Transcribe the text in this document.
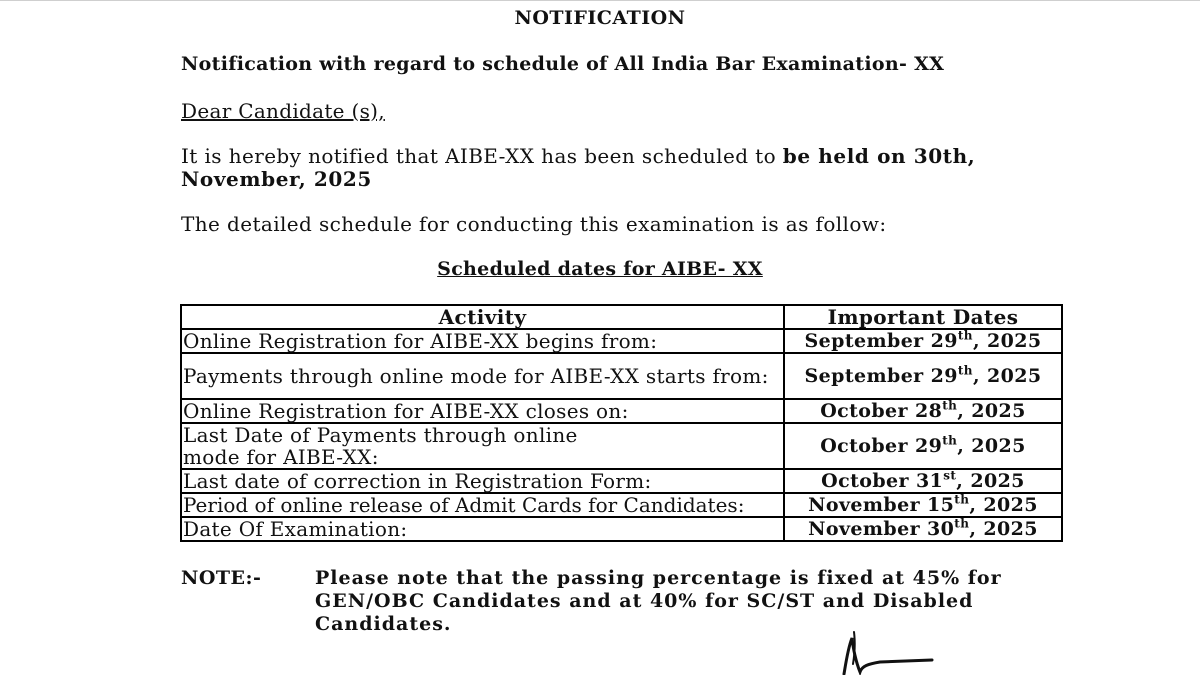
NOTIFICATION
Notification with regard to schedule of All India Bar Examination- XX
Dear Candidate (s),
It is hereby notified that AIBE-XX has been scheduled to be held on 30th, November, 2025
The detailed schedule for conducting this examination is as follow:
Scheduled dates for AIBE- XX
Activity	Important Dates
Online Registration for AIBE-XX begins from:	September 29th, 2025
Payments through online mode for AIBE-XX starts from:	September 29th, 2025
Online Registration for AIBE-XX closes on:	October 28th, 2025
Last Date of Payments through online mode for AIBE-XX:	October 29th, 2025
Last date of correction in Registration Form:	October 31st, 2025
Period of online release of Admit Cards for Candidates:	November 15th, 2025
Date Of Examination:	November 30th, 2025
NOTE:-	Please note that the passing percentage is fixed at 45% for GEN/OBC Candidates and at 40% for SC/ST and Disabled Candidates.
